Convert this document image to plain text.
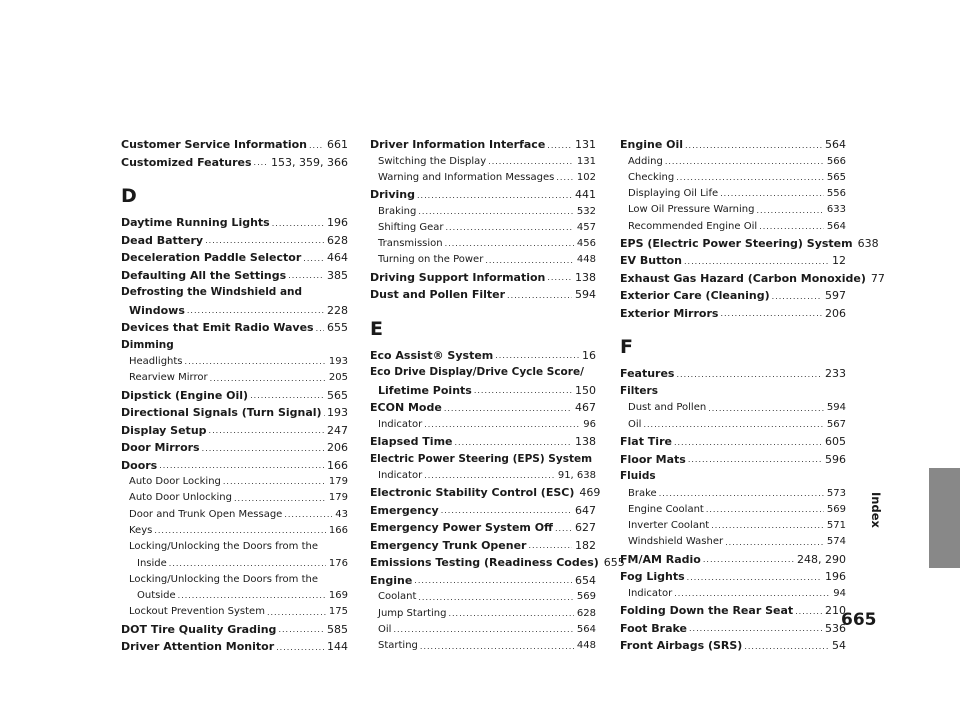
Customer Service Information ..... 661
Customized Features ..... 153, 359, 366
D
Daytime Running Lights .....	196
Dead Battery .....	628
Deceleration Paddle Selector ..... 464
Defaulting All the Settings .....	385
Defrosting the Windshield and
Windows .....	228
Devices that Emit Radio Waves ..... 655
Dimming
Headlights .....	193
Rearview Mirror .....	205
Dipstick (Engine Oil) .....	565
Directional Signals (Turn Signal) ..... 193
Display Setup .....	247
Door Mirrors .....	206
Doors .....	166
Auto Door Locking .....	179
Auto Door Unlocking .....	179
Door and Trunk Open Message .....	43
Keys .....	166
Locking/Unlocking the Doors from the
Inside .....	176
Locking/Unlocking the Doors from the
Outside .....	169
Lockout Prevention System .....	175
DOT Tire Quality Grading .....	585
Driver Attention Monitor .....	144
Driver Information Interface .....	131
Switching the Display .....	131
Warning and Information Messages ..... 102
Driving .....	441
Braking .....	532
Shifting Gear .....	457
Transmission .....	456
Turning on the Power .....	448
Driving Support Information .....	138
Dust and Pollen Filter .....	594
E
Eco Assist® System .....	16
Eco Drive Display/Drive Cycle Score/
Lifetime Points .....	150
ECON Mode .....	467
Indicator .....	96
Elapsed Time .....	138
Electric Power Steering (EPS) System
Indicator .....	91, 638
Electronic Stability Control (ESC) 469
Emergency .....	647
Emergency Power System Off ..... 627
Emergency Trunk Opener .....	182
Emissions Testing (Readiness Codes) 655
Engine .....	654
Coolant .....	569
Jump Starting .....	628
Oil .....	564
Starting .....	448
Engine Oil .....	564
Adding .....	566
Checking .....	565
Displaying Oil Life .....	556
Low Oil Pressure Warning .....	633
Recommended Engine Oil .....	564
EPS (Electric Power Steering) System 638
EV Button .....	12
Exhaust Gas Hazard (Carbon Monoxide) 77
Exterior Care (Cleaning) .....	597
Exterior Mirrors .....	206
F
Features .....	233
Filters
Dust and Pollen .....	594
Oil .....	567
Flat Tire .....	605
Floor Mats .....	596
Fluids
Brake .....	573
Engine Coolant .....	569
Inverter Coolant .....	571
Windshield Washer .....	574
FM/AM Radio .....	248, 290
Fog Lights .....	196
Indicator .....	94
Folding Down the Rear Seat .....	210
Foot Brake .....	536
Front Airbags (SRS) .....	54
Index
665
